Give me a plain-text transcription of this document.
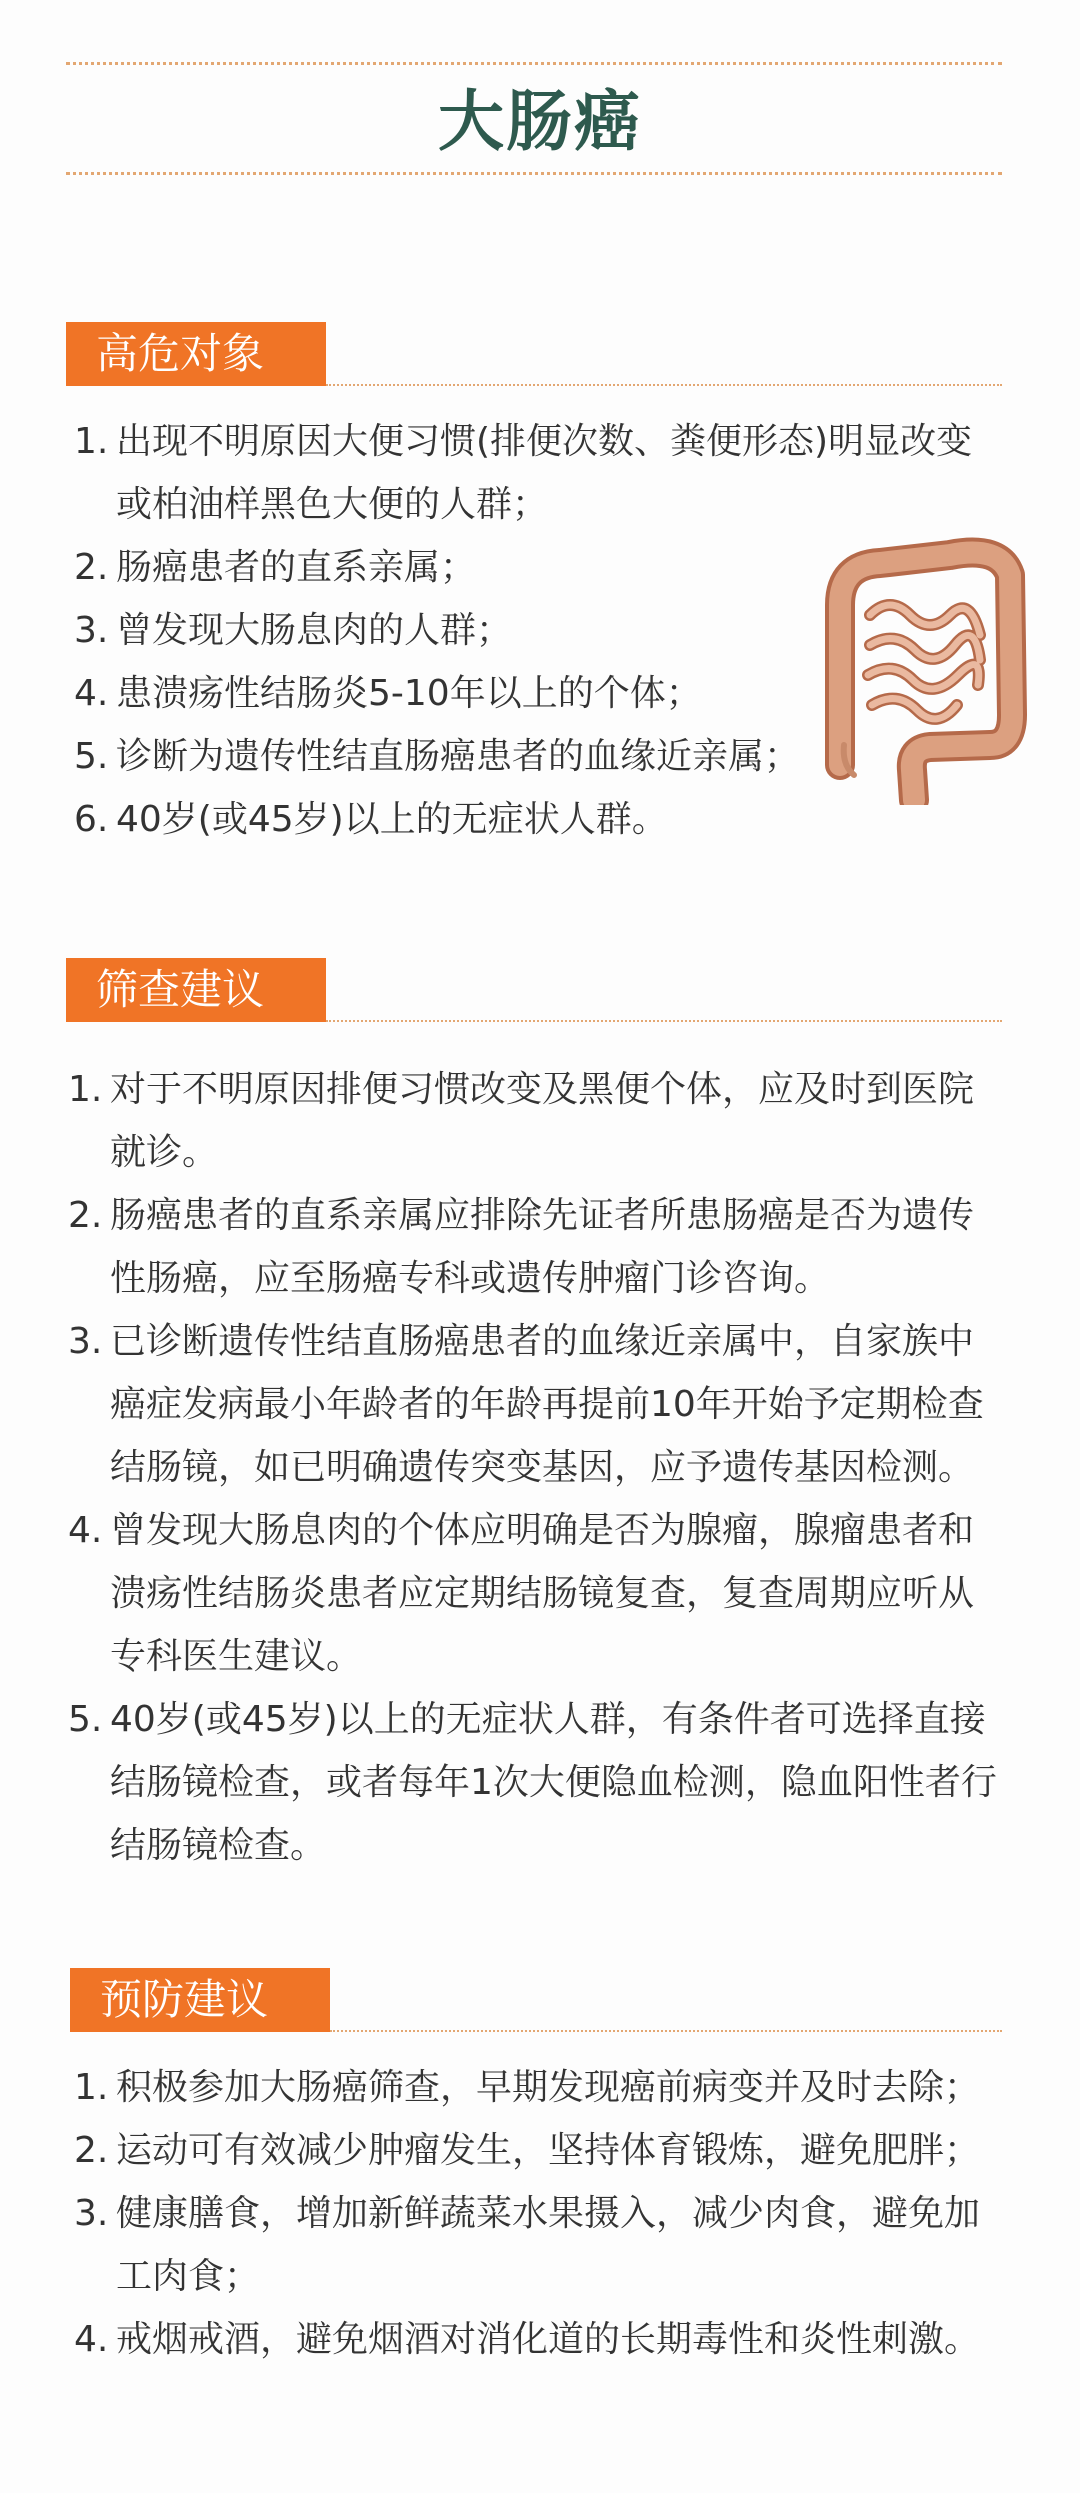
大肠癌
高危对象
1. 出现不明原因大便习惯(排便次数、粪便形态)明显改变或柏油样黑色大便的人群；
2. 肠癌患者的直系亲属；
3. 曾发现大肠息肉的人群；
4. 患溃疡性结肠炎5-10年以上的个体；
5. 诊断为遗传性结直肠癌患者的血缘近亲属；
6. 40岁(或45岁)以上的无症状人群。
筛查建议
1. 对于不明原因排便习惯改变及黑便个体，应及时到医院就诊。
2. 肠癌患者的直系亲属应排除先证者所患肠癌是否为遗传性肠癌，应至肠癌专科或遗传肿瘤门诊咨询。
3. 已诊断遗传性结直肠癌患者的血缘近亲属中，自家族中癌症发病最小年龄者的年龄再提前10年开始予定期检查结肠镜，如已明确遗传突变基因，应予遗传基因检测。
4. 曾发现大肠息肉的个体应明确是否为腺瘤，腺瘤患者和溃疡性结肠炎患者应定期结肠镜复查，复查周期应听从专科医生建议。
5. 40岁(或45岁)以上的无症状人群，有条件者可选择直接结肠镜检查，或者每年1次大便隐血检测，隐血阳性者行结肠镜检查。
预防建议
1. 积极参加大肠癌筛查，早期发现癌前病变并及时去除；
2. 运动可有效减少肿瘤发生，坚持体育锻炼，避免肥胖；
3. 健康膳食，增加新鲜蔬菜水果摄入，减少肉食，避免加工肉食；
4. 戒烟戒酒，避免烟酒对消化道的长期毒性和炎性刺激。
